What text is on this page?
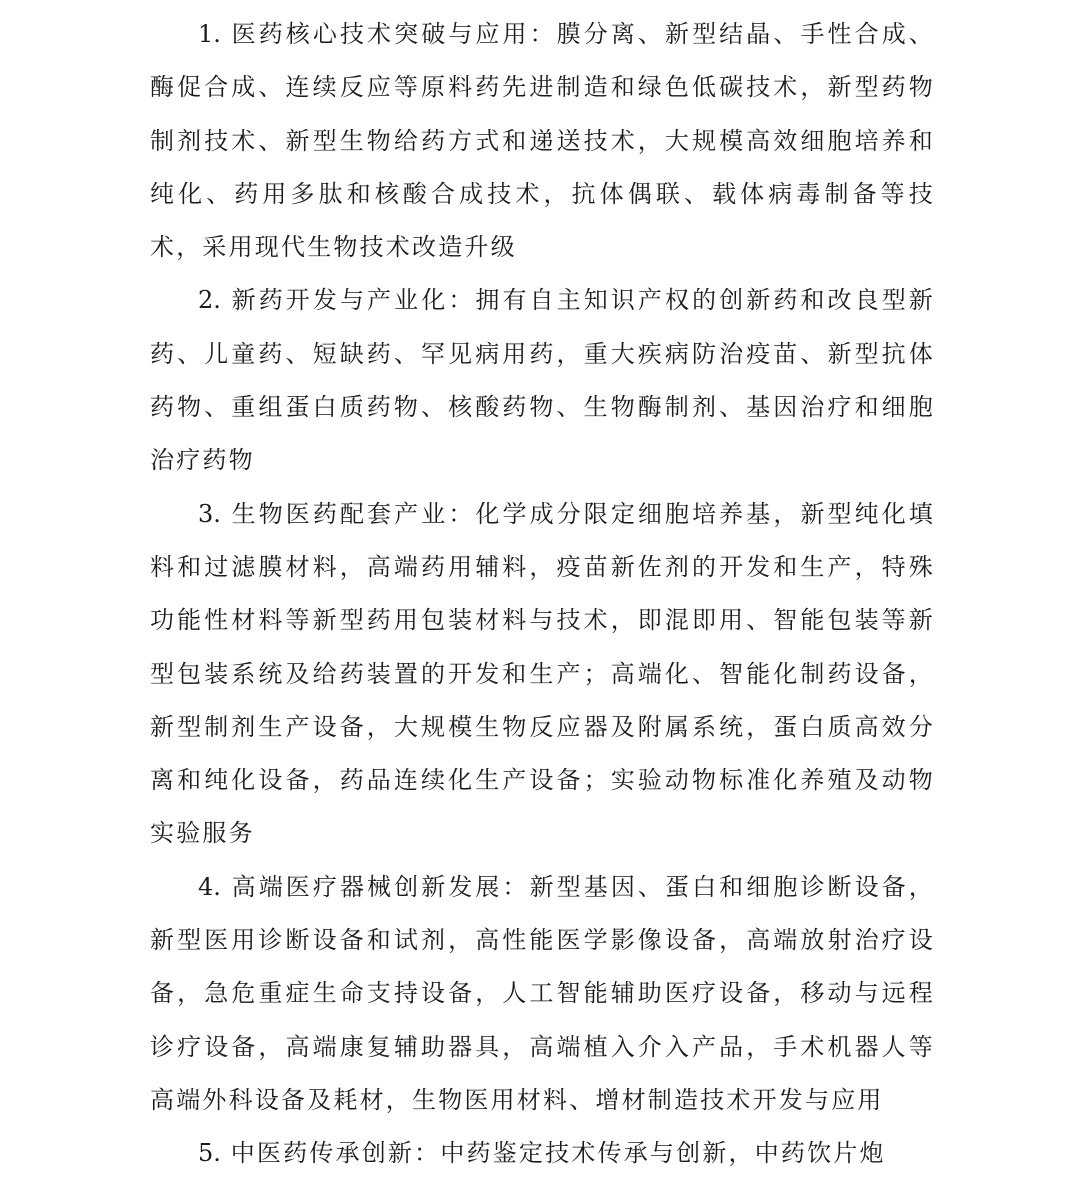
1. 医药核心技术突破与应用：膜分离、新型结晶、手性合成、酶促合成、连续反应等原料药先进制造和绿色低碳技术，新型药物制剂技术、新型生物给药方式和递送技术，大规模高效细胞培养和纯化、药用多肽和核酸合成技术，抗体偶联、载体病毒制备等技术，采用现代生物技术改造升级

2. 新药开发与产业化：拥有自主知识产权的创新药和改良型新药、儿童药、短缺药、罕见病用药，重大疾病防治疫苗、新型抗体药物、重组蛋白质药物、核酸药物、生物酶制剂、基因治疗和细胞治疗药物

3. 生物医药配套产业：化学成分限定细胞培养基，新型纯化填料和过滤膜材料，高端药用辅料，疫苗新佐剂的开发和生产，特殊功能性材料等新型药用包装材料与技术，即混即用、智能包装等新型包装系统及给药装置的开发和生产；高端化、智能化制药设备，新型制剂生产设备，大规模生物反应器及附属系统，蛋白质高效分离和纯化设备，药品连续化生产设备；实验动物标准化养殖及动物实验服务

4. 高端医疗器械创新发展：新型基因、蛋白和细胞诊断设备，新型医用诊断设备和试剂，高性能医学影像设备，高端放射治疗设备，急危重症生命支持设备，人工智能辅助医疗设备，移动与远程诊疗设备，高端康复辅助器具，高端植入介入产品，手术机器人等高端外科设备及耗材，生物医用材料、增材制造技术开发与应用

5. 中医药传承创新：中药鉴定技术传承与创新，中药饮片炮
